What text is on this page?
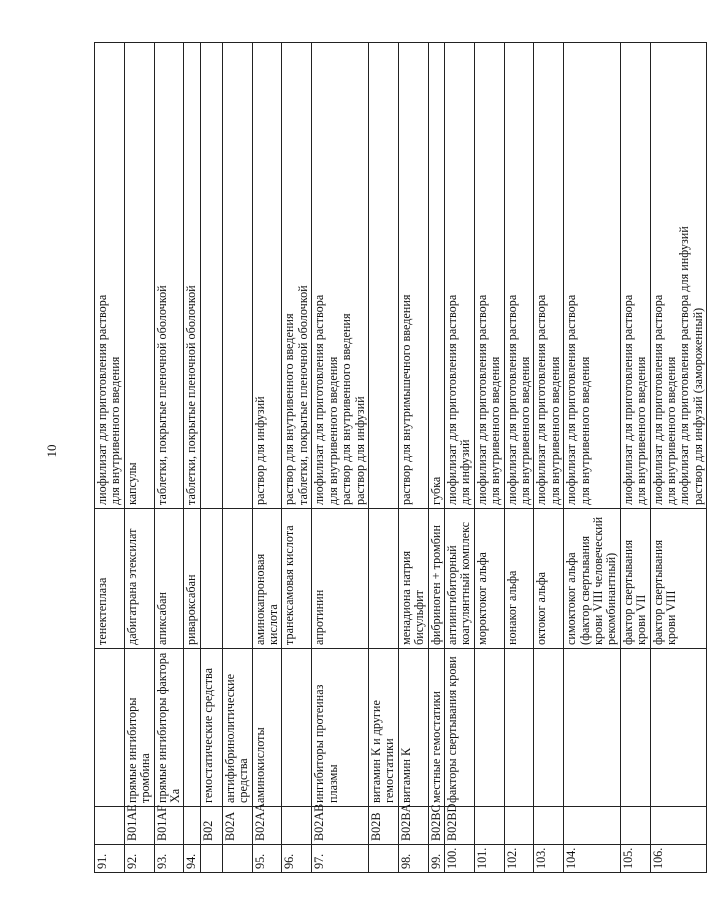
10
91.			тенектеплаза	лиофилизат для приготовления раствора для внутривенного введения

92.	B01AE	прямые ингибиторы тромбина	дабигатрана этексилат	капсулы

93.	B01AF	прямые ингибиторы фактора Xa	апиксабан	таблетки, покрытые пленочной оболочкой

94.			ривароксабан	таблетки, покрытые пленочной оболочкой

	B02	гемостатические средства		
	B02A	антифибринолитические средства		
95.	B02AA	аминокислоты	аминокапроновая кислота	раствор для инфузий

96.			транексамовая кислота	раствор для внутривенного введения таблетки, покрытые пленочной оболочкой

97.	B02AB	ингибиторы протеиназ плазмы	апротинин	лиофилизат для приготовления раствора для внутривенного введения раствор для внутривенного введения раствор для инфузий

	B02B	витамин К и другие гемостатики		
98.	B02BA	витамин К	менадиона натрия бисульфит	раствор для внутримышечного введения

99.	B02BC	местные гемостатики	фибриноген + тромбин	губка

100.	B02BD	факторы свертывания крови	антиингибиторный коагулянтный комплекс	лиофилизат для приготовления раствора для инфузий

101.			мороктоког альфа	лиофилизат для приготовления раствора для внутривенного введения

102.			нонаког альфа	лиофилизат для приготовления раствора для внутривенного введения

103.			октоког альфа	лиофилизат для приготовления раствора для внутривенного введения

104.			симоктоког альфа (фактор свертывания крови VIII человеческий рекомбинантный)	лиофилизат для приготовления раствора для внутривенного введения

105.			фактор свертывания крови VII	лиофилизат для приготовления раствора для внутривенного введения

106.			фактор свертывания крови VIII	лиофилизат для приготовления раствора для внутривенного введения лиофилизат для приготовления раствора для инфузий раствор для инфузий (замороженный)
